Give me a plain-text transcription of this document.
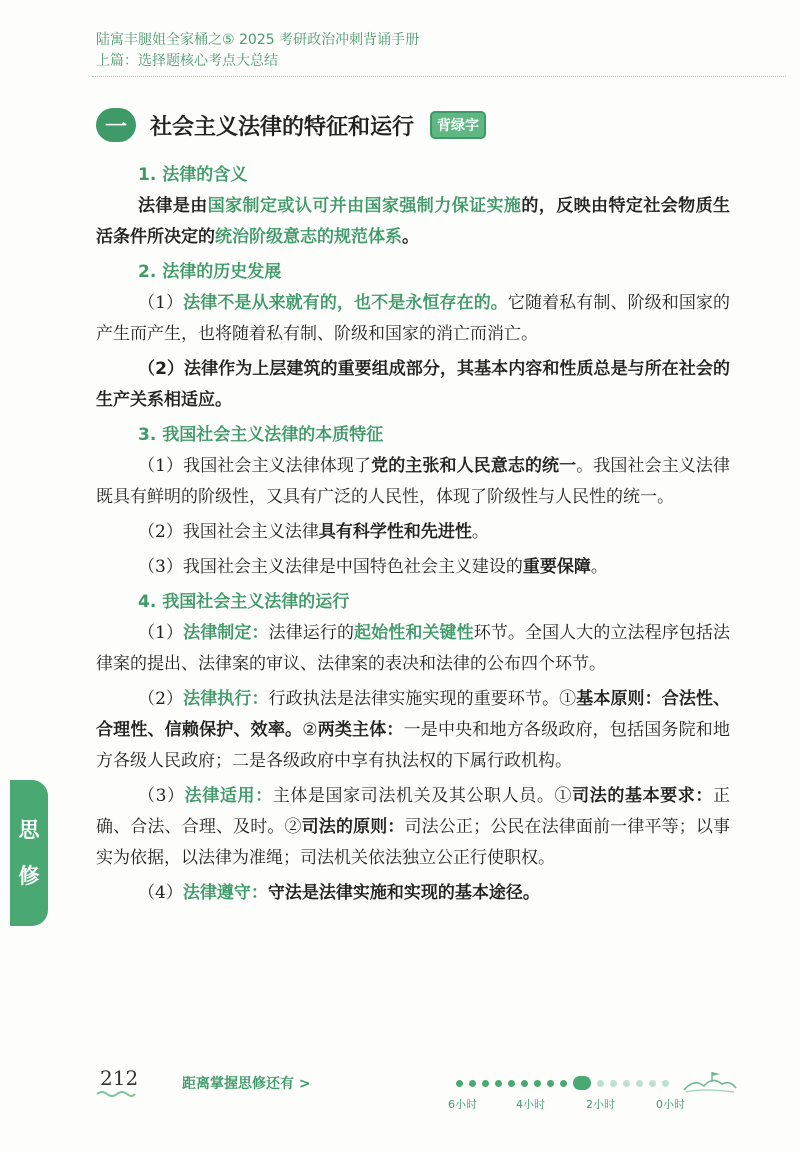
陆寓丰腿姐全家桶之⑤ 2025 考研政治冲刺背诵手册
上篇：选择题核心考点大总结
一	社会主义法律的特征和运行	背绿字
1. 法律的含义

法律是由国家制定或认可并由国家强制力保证实施的，反映由特定社会物质生活条件所决定的统治阶级意志的规范体系。

2. 法律的历史发展

（1）法律不是从来就有的，也不是永恒存在的。它随着私有制、阶级和国家的产生而产生，也将随着私有制、阶级和国家的消亡而消亡。

（2）法律作为上层建筑的重要组成部分，其基本内容和性质总是与所在社会的生产关系相适应。

3. 我国社会主义法律的本质特征

（1）我国社会主义法律体现了党的主张和人民意志的统一。我国社会主义法律既具有鲜明的阶级性，又具有广泛的人民性，体现了阶级性与人民性的统一。

（2）我国社会主义法律具有科学性和先进性。

（3）我国社会主义法律是中国特色社会主义建设的重要保障。

4. 我国社会主义法律的运行

（1）法律制定：法律运行的起始性和关键性环节。全国人大的立法程序包括法律案的提出、法律案的审议、法律案的表决和法律的公布四个环节。

（2）法律执行：行政执法是法律实施实现的重要环节。①基本原则：合法性、合理性、信赖保护、效率。②两类主体：一是中央和地方各级政府，包括国务院和地方各级人民政府；二是各级政府中享有执法权的下属行政机构。

（3）法律适用：主体是国家司法机关及其公职人员。①司法的基本要求：正确、合法、合理、及时。②司法的原则：司法公正；公民在法律面前一律平等；以事实为依据，以法律为准绳；司法机关依法独立公正行使职权。

（4）法律遵守：守法是法律实施和实现的基本途径。

思
修
212	距离掌握思修还有 >
6小时	4小时	2小时	0小时
